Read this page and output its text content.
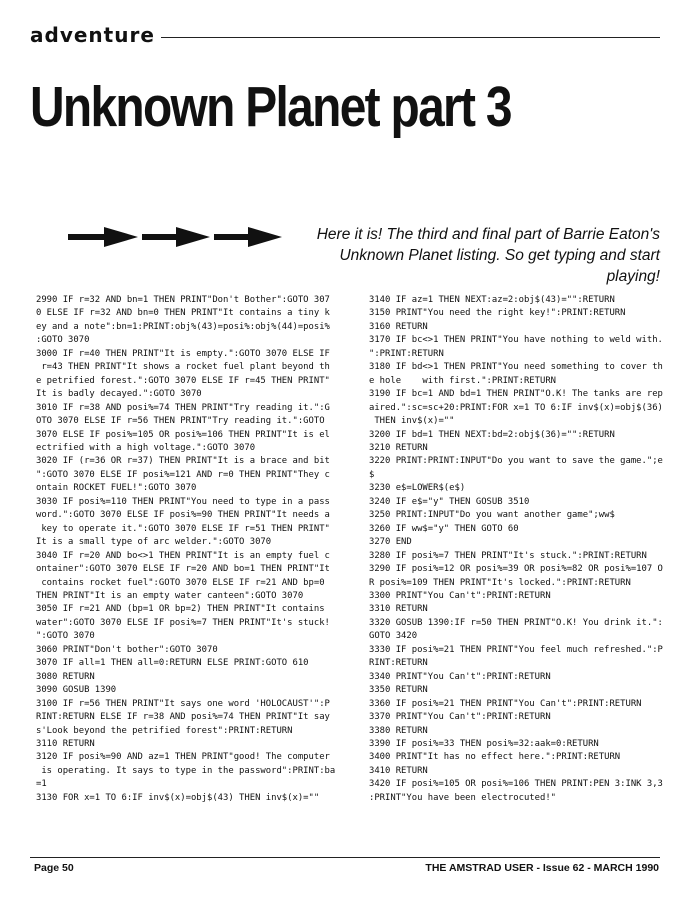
adventure
Unknown Planet part 3

Here it is! The third and final part of Barrie Eaton's Unknown Planet listing. So get typing and start playing!

2990 IF r=32 AND bn=1 THEN PRINT"Don't Bother":GOTO 307
0 ELSE IF r=32 AND bn=0 THEN PRINT"It contains a tiny k
ey and a note":bn=1:PRINT:obj%(43)=posi%:obj%(44)=posi%
:GOTO 3070
3000 IF r=40 THEN PRINT"It is empty.":GOTO 3070 ELSE IF
r=43 THEN PRINT"It shows a rocket fuel plant beyond th
e petrified forest.":GOTO 3070 ELSE IF r=45 THEN PRINT"
It is badly decayed.":GOTO 3070
3010 IF r=38 AND posi%=74 THEN PRINT"Try reading it.":G
OTO 3070 ELSE IF r=56 THEN PRINT"Try reading it.":GOTO
3070 ELSE IF posi%=105 OR posi%=106 THEN PRINT"It is el
ectrified with a high voltage.":GOTO 3070
3020 IF (r=36 OR r=37) THEN PRINT"It is a brace and bit
":GOTO 3070 ELSE IF posi%=121 AND r=0 THEN PRINT"They c
ontain ROCKET FUEL!":GOTO 3070
3030 IF posi%=110 THEN PRINT"You need to type in a pass
word.":GOTO 3070 ELSE IF posi%=90 THEN PRINT"It needs a
key to operate it.":GOTO 3070 ELSE IF r=51 THEN PRINT"
It is a small type of arc welder.":GOTO 3070
3040 IF r=20 AND bo<>1 THEN PRINT"It is an empty fuel c
ontainer":GOTO 3070 ELSE IF r=20 AND bo=1 THEN PRINT"It
contains rocket fuel":GOTO 3070 ELSE IF r=21 AND bp=0
THEN PRINT"It is an empty water canteen":GOTO 3070
3050 IF r=21 AND (bp=1 OR bp=2) THEN PRINT"It contains
water":GOTO 3070 ELSE IF posi%=7 THEN PRINT"It's stuck!
":GOTO 3070
3060 PRINT"Don't bother":GOTO 3070
3070 IF all=1 THEN all=0:RETURN ELSE PRINT:GOTO 610
3080 RETURN
3090 GOSUB 1390
3100 IF r=56 THEN PRINT"It says one word 'HOLOCAUST'":P
RINT:RETURN ELSE IF r=38 AND posi%=74 THEN PRINT"It say
s'Look beyond the petrified forest":PRINT:RETURN
3110 RETURN
3120 IF posi%=90 AND az=1 THEN PRINT"good! The computer
is operating. It says to type in the password":PRINT:ba
=1
3130 FOR x=1 TO 6:IF inv$(x)=obj$(43) THEN inv$(x)=""

3140 IF az=1 THEN NEXT:az=2:obj$(43)="":RETURN
3150 PRINT"You need the right key!":PRINT:RETURN
3160 RETURN
3170 IF bc<>1 THEN PRINT"You have nothing to weld with.
":PRINT:RETURN
3180 IF bd<>1 THEN PRINT"You need something to cover th
e hole    with first.":PRINT:RETURN
3190 IF bc=1 AND bd=1 THEN PRINT"O.K! The tanks are rep
aired.":sc=sc+20:PRINT:FOR x=1 TO 6:IF inv$(x)=obj$(36)
THEN inv$(x)=""
3200 IF bd=1 THEN NEXT:bd=2:obj$(36)="":RETURN
3210 RETURN
3220 PRINT:PRINT:INPUT"Do you want to save the game.";e
$
3230 e$=LOWER$(e$)
3240 IF e$="y" THEN GOSUB 3510
3250 PRINT:INPUT"Do you want another game";ww$
3260 IF ww$="y" THEN GOTO 60
3270 END
3280 IF posi%=7 THEN PRINT"It's stuck.":PRINT:RETURN
3290 IF posi%=12 OR posi%=39 OR posi%=82 OR posi%=107 O
R posi%=109 THEN PRINT"It's locked.":PRINT:RETURN
3300 PRINT"You Can't":PRINT:RETURN
3310 RETURN
3320 GOSUB 1390:IF r=50 THEN PRINT"O.K! You drink it.":
GOTO 3420
3330 IF posi%=21 THEN PRINT"You feel much refreshed.":P
RINT:RETURN
3340 PRINT"You Can't":PRINT:RETURN
3350 RETURN
3360 IF posi%=21 THEN PRINT"You Can't":PRINT:RETURN
3370 PRINT"You Can't":PRINT:RETURN
3380 RETURN
3390 IF posi%=33 THEN posi%=32:aak=0:RETURN
3400 PRINT"It has no effect here.":PRINT:RETURN
3410 RETURN
3420 IF posi%=105 OR posi%=106 THEN PRINT:PEN 3:INK 3,3
:PRINT"You have been electrocuted!"

Page 50	THE AMSTRAD USER - Issue 62 - MARCH 1990
